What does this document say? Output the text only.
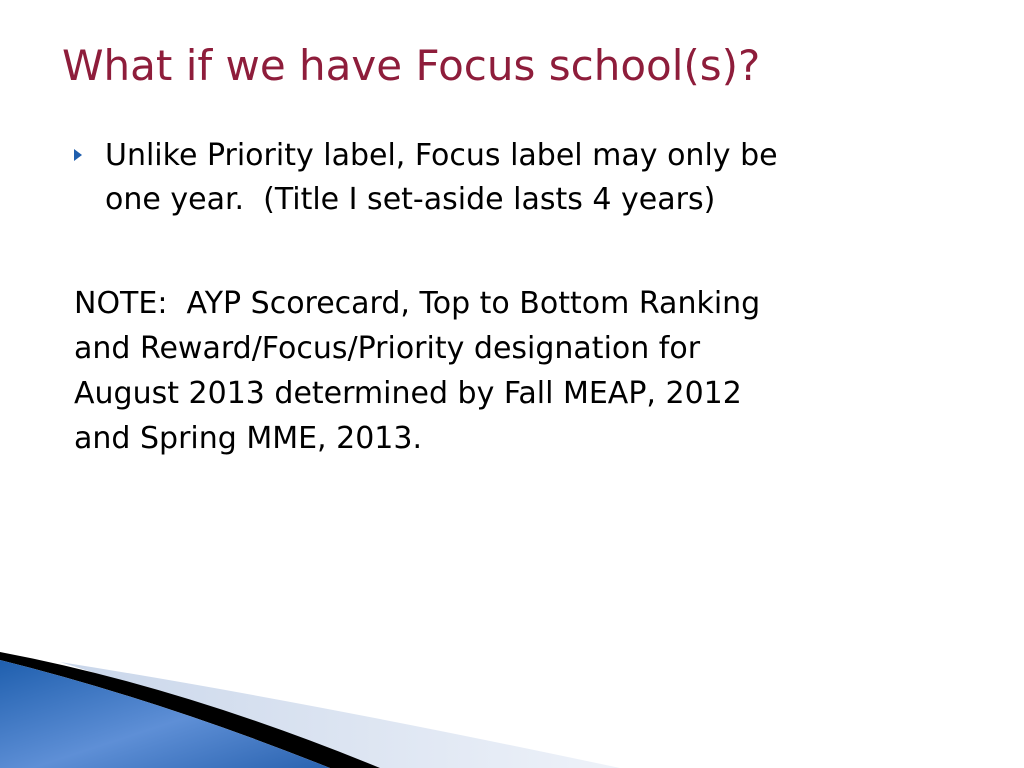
What if we have Focus school(s)?
Unlike Priority label, Focus label may only be
one year.  (Title I set-aside lasts 4 years)
NOTE:  AYP Scorecard, Top to Bottom Ranking
and Reward/Focus/Priority designation for
August 2013 determined by Fall MEAP, 2012
and Spring MME, 2013.
